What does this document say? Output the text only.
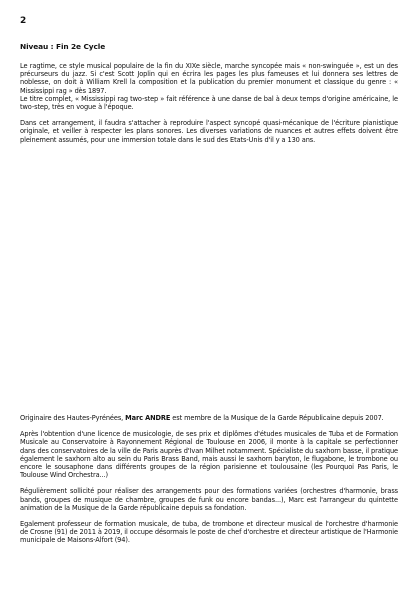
2
Niveau : Fin 2e Cycle

Le ragtime, ce style musical populaire de la fin du XIXe siècle, marche syncopée mais « non-swinguée », est un des précurseurs du jazz. Si c'est Scott Joplin qui en écrira les pages les plus fameuses et lui donnera ses lettres de noblesse, on doit à William Krell la composition et la publication du premier monument et classique du genre : « Mississippi rag » dès 1897.

Le titre complet, « Mississippi rag two-step » fait référence à une danse de bal à deux temps d'origine américaine, le two-step, très en vogue à l'époque.

Dans cet arrangement, il faudra s'attacher à reproduire l'aspect syncopé quasi-mécanique de l'écriture pianistique originale, et veiller à respecter les plans sonores. Les diverses variations de nuances et autres effets doivent être pleinement assumés, pour une immersion totale dans le sud des Etats-Unis d'il y a 130 ans.

Originaire des Hautes-Pyrénées, Marc ANDRE est membre de la Musique de la Garde Républicaine depuis 2007.

Après l'obtention d'une licence de musicologie, de ses prix et diplômes d'études musicales de Tuba et de Formation Musicale au Conservatoire à Rayonnement Régional de Toulouse en 2006, il monte à la capitale se perfectionner dans des conservatoires de la ville de Paris auprès d'Ivan Milhet notamment. Spécialiste du saxhorn basse, il pratique également le saxhorn alto au sein du Paris Brass Band, mais aussi le saxhorn baryton, le flugabone, le trombone ou encore le sousaphone dans différents groupes de la région parisienne et toulousaine (les Pourquoi Pas Paris, le Toulouse Wind Orchestra...)

Régulièrement sollicité pour réaliser des arrangements pour des formations variées (orchestres d'harmonie, brass bands, groupes de musique de chambre, groupes de funk ou encore bandas...), Marc est l'arrangeur du quintette animation de la Musique de la Garde républicaine depuis sa fondation.

Egalement professeur de formation musicale, de tuba, de trombone et directeur musical de l'orchestre d'harmonie de Crosne (91) de 2011 à 2019, il occupe désormais le poste de chef d'orchestre et directeur artistique de l'Harmonie municipale de Maisons-Alfort (94).
